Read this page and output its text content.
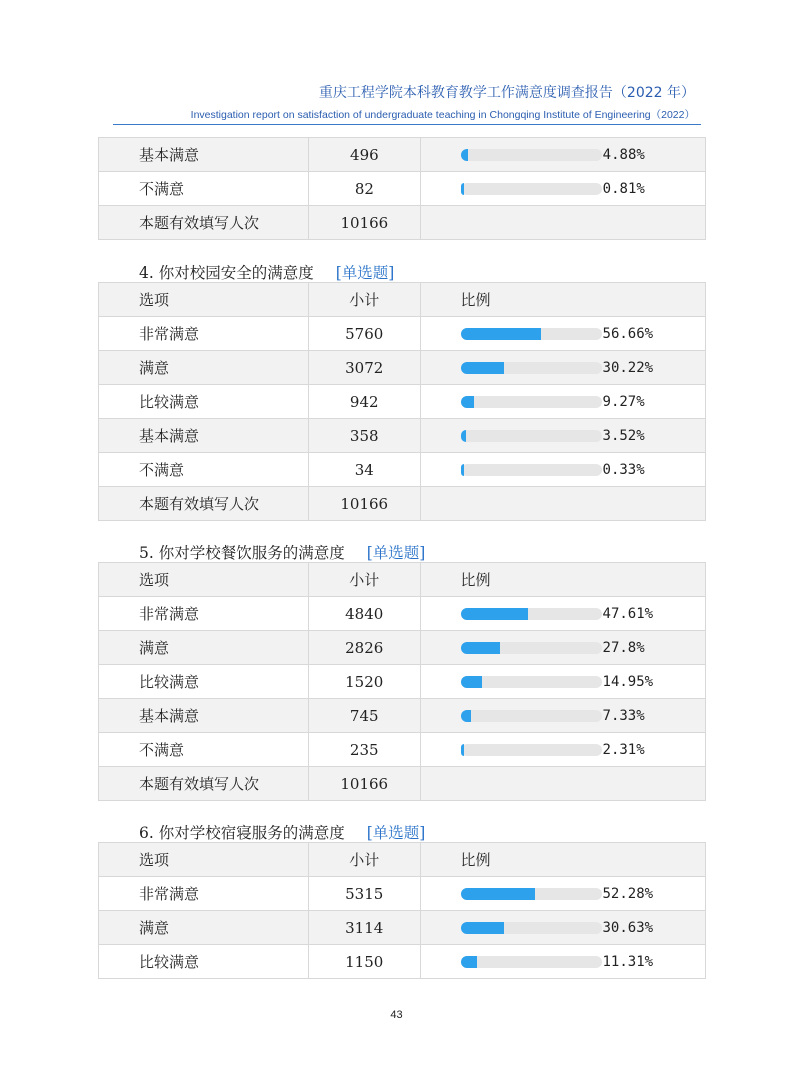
重庆工程学院本科教育教学工作满意度调查报告（2022 年）
Investigation report on satisfaction of undergraduate teaching in Chongqing Institute of Engineering（2022）
基本满意	496	4.88%

不满意	82	0.81%

本题有效填写人次	10166	
4. 你对校园安全的满意度 [单选题]
选项	小计	比例
非常满意	5760	56.66%

满意	3072	30.22%

比较满意	942	9.27%

基本满意	358	3.52%

不满意	34	0.33%

本题有效填写人次	10166	
5. 你对学校餐饮服务的满意度 [单选题]
选项	小计	比例
非常满意	4840	47.61%

满意	2826	27.8%

比较满意	1520	14.95%

基本满意	745	7.33%

不满意	235	2.31%

本题有效填写人次	10166	
6. 你对学校宿寝服务的满意度 [单选题]
选项	小计	比例
非常满意	5315	52.28%

满意	3114	30.63%

比较满意	1150	11.31%
43
